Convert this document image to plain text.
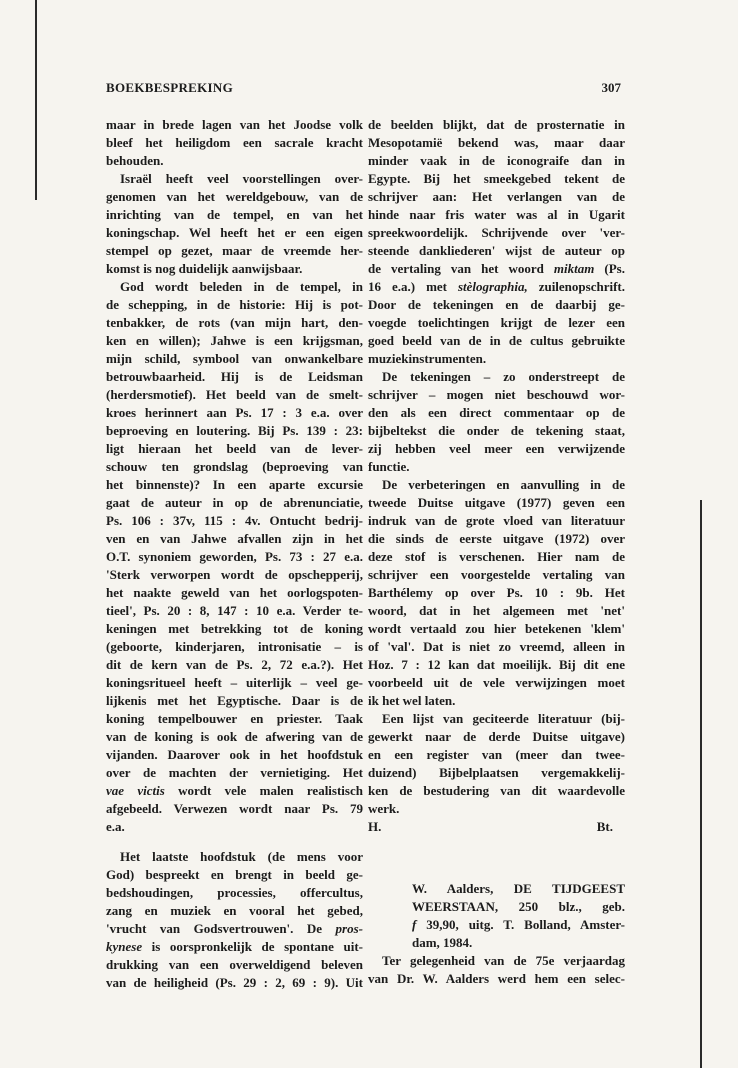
BOEKBESPREKING	307
maar in brede lagen van het Joodse volk
bleef het heiligdom een sacrale kracht
behouden.
Israël heeft veel voorstellingen over-
genomen van het wereldgebouw, van de
inrichting van de tempel, en van het
koningschap. Wel heeft het er een eigen
stempel op gezet, maar de vreemde her-
komst is nog duidelijk aanwijsbaar.
God wordt beleden in de tempel, in
de schepping, in de historie: Hij is pot-
tenbakker, de rots (van mijn hart, den-
ken en willen); Jahwe is een krijgsman,
mijn schild, symbool van onwankelbare
betrouwbaarheid. Hij is de Leidsman
(herdersmotief). Het beeld van de smelt-
kroes herinnert aan Ps. 17 : 3 e.a. over
beproeving en loutering. Bij Ps. 139 : 23:
ligt hieraan het beeld van de lever-
schouw ten grondslag (beproeving van
het binnenste)? In een aparte excursie
gaat de auteur in op de abrenunciatie,
Ps. 106 : 37v, 115 : 4v. Ontucht bedrij-
ven en van Jahwe afvallen zijn in het
O.T. synoniem geworden, Ps. 73 : 27 e.a.
'Sterk verworpen wordt de opschepperij,
het naakte geweld van het oorlogspoten-
tieel', Ps. 20 : 8, 147 : 10 e.a. Verder te-
keningen met betrekking tot de koning
(geboorte, kinderjaren, intronisatie – is
dit de kern van de Ps. 2, 72 e.a.?). Het
koningsritueel heeft – uiterlijk – veel ge-
lijkenis met het Egyptische. Daar is de
koning tempelbouwer en priester. Taak
van de koning is ook de afwering van de
vijanden. Daarover ook in het hoofdstuk
over de machten der vernietiging. Het
vae victis wordt vele malen realistisch
afgebeeld. Verwezen wordt naar Ps. 79
e.a.
Het laatste hoofdstuk (de mens voor
God) bespreekt en brengt in beeld ge-
bedshoudingen, processies, offercultus,
zang en muziek en vooral het gebed,
'vrucht van Godsvertrouwen'. De pros-
kynese is oorspronkelijk de spontane uit-
drukking van een overweldigend beleven
van de heiligheid (Ps. 29 : 2, 69 : 9). Uit
de beelden blijkt, dat de prosternatie in
Mesopotamië bekend was, maar daar
minder vaak in de iconograife dan in
Egypte. Bij het smeekgebed tekent de
schrijver aan: Het verlangen van de
hinde naar fris water was al in Ugarit
spreekwoordelijk. Schrijvende over 'ver-
steende dankliederen' wijst de auteur op
de vertaling van het woord miktam (Ps.
16 e.a.) met stèlographia, zuilenopschrift.
Door de tekeningen en de daarbij ge-
voegde toelichtingen krijgt de lezer een
goed beeld van de in de cultus gebruikte
muziekinstrumenten.
De tekeningen – zo onderstreept de
schrijver – mogen niet beschouwd wor-
den als een direct commentaar op de
bijbeltekst die onder de tekening staat,
zij hebben veel meer een verwijzende
functie.
De verbeteringen en aanvulling in de
tweede Duitse uitgave (1977) geven een
indruk van de grote vloed van literatuur
die sinds de eerste uitgave (1972) over
deze stof is verschenen. Hier nam de
schrijver een voorgestelde vertaling van
Barthélemy op over Ps. 10 : 9b. Het
woord, dat in het algemeen met 'net'
wordt vertaald zou hier betekenen 'klem'
of 'val'. Dat is niet zo vreemd, alleen in
Hoz. 7 : 12 kan dat moeilijk. Bij dit ene
voorbeeld uit de vele verwijzingen moet
ik het wel laten.
Een lijst van geciteerde literatuur (bij-
gewerkt naar de derde Duitse uitgave)
en een register van (meer dan twee-
duizend) Bijbelplaatsen vergemakkelij-
ken de bestudering van dit waardevolle
werk.
H.	Bt.
W. Aalders, DE TIJDGEEST
WEERSTAAN, 250 blz., geb.
f 39,90, uitg. T. Bolland, Amster-
dam, 1984.
Ter gelegenheid van de 75e verjaardag
van Dr. W. Aalders werd hem een selec-
